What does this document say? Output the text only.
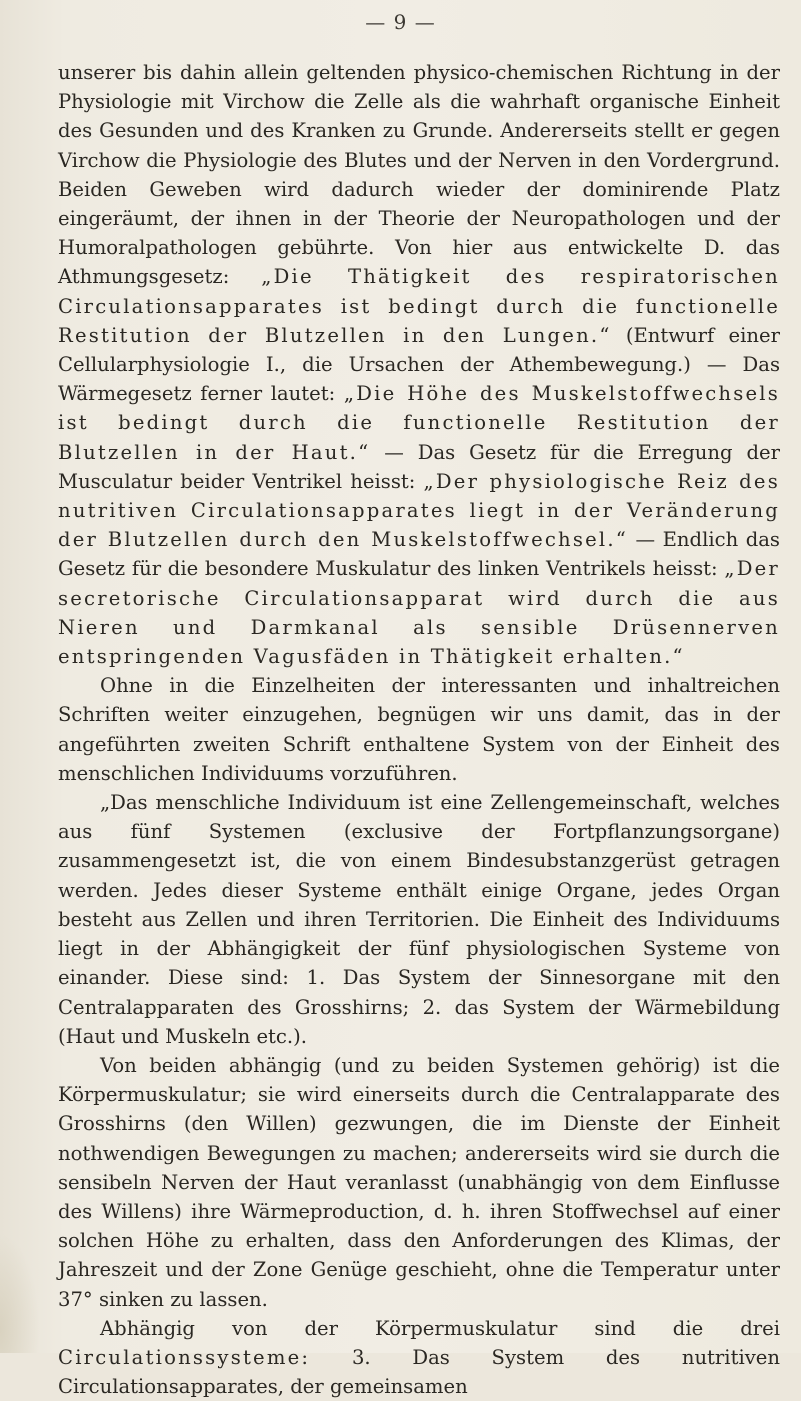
— 9 —

unserer bis dahin allein geltenden physico-chemischen Richtung in der Physiologie mit Virchow die Zelle als die wahrhaft organische Einheit des Gesunden und des Kranken zu Grunde. Andererseits stellt er gegen Virchow die Physiologie des Blutes und der Nerven in den Vordergrund. Beiden Geweben wird dadurch wieder der dominirende Platz eingeräumt, der ihnen in der Theorie der Neuropathologen und der Humoralpathologen gebührte. Von hier aus entwickelte D. das Athmungsgesetz: „Die Thätigkeit des respiratorischen Circulationsapparates ist bedingt durch die functionelle Restitution der Blutzellen in den Lungen.“ (Entwurf einer Cellularphysiologie I., die Ursachen der Athembewegung.) — Das Wärmegesetz ferner lautet: „Die Höhe des Muskelstoffwechsels ist bedingt durch die functionelle Restitution der Blutzellen in der Haut.“ — Das Gesetz für die Erregung der Musculatur beider Ventrikel heisst: „Der physiologische Reiz des nutritiven Circulationsapparates liegt in der Veränderung der Blutzellen durch den Muskelstoffwechsel.“ — Endlich das Gesetz für die besondere Muskulatur des linken Ventrikels heisst: „Der secretorische Circulationsapparat wird durch die aus Nieren und Darmkanal als sensible Drüsennerven entspringenden Vagusfäden in Thätigkeit erhalten.“

Ohne in die Einzelheiten der interessanten und inhaltreichen Schriften weiter einzugehen, begnügen wir uns damit, das in der angeführten zweiten Schrift enthaltene System von der Einheit des menschlichen Individuums vorzuführen.

„Das menschliche Individuum ist eine Zellengemeinschaft, welches aus fünf Systemen (exclusive der Fortpflanzungsorgane) zusammengesetzt ist, die von einem Bindesubstanzgerüst getragen werden. Jedes dieser Systeme enthält einige Organe, jedes Organ besteht aus Zellen und ihren Territorien. Die Einheit des Individuums liegt in der Abhängigkeit der fünf physiologischen Systeme von einander. Diese sind: 1. Das System der Sinnesorgane mit den Centralapparaten des Grosshirns; 2. das System der Wärmebildung (Haut und Muskeln etc.).

Von beiden abhängig (und zu beiden Systemen gehörig) ist die Körpermuskulatur; sie wird einerseits durch die Centralapparate des Grosshirns (den Willen) gezwungen, die im Dienste der Einheit nothwendigen Bewegungen zu machen; andererseits wird sie durch die sensibeln Nerven der Haut veranlasst (unabhängig von dem Einflusse des Willens) ihre Wärmeproduction, d. h. ihren Stoffwechsel auf einer solchen Höhe zu erhalten, dass den Anforderungen des Klimas, der Jahreszeit und der Zone Genüge geschieht, ohne die Temperatur unter 37° sinken zu lassen.

Abhängig von der Körpermuskulatur sind die drei Circulationssysteme: 3. Das System des nutritiven Circulationsapparates, der gemeinsamen
